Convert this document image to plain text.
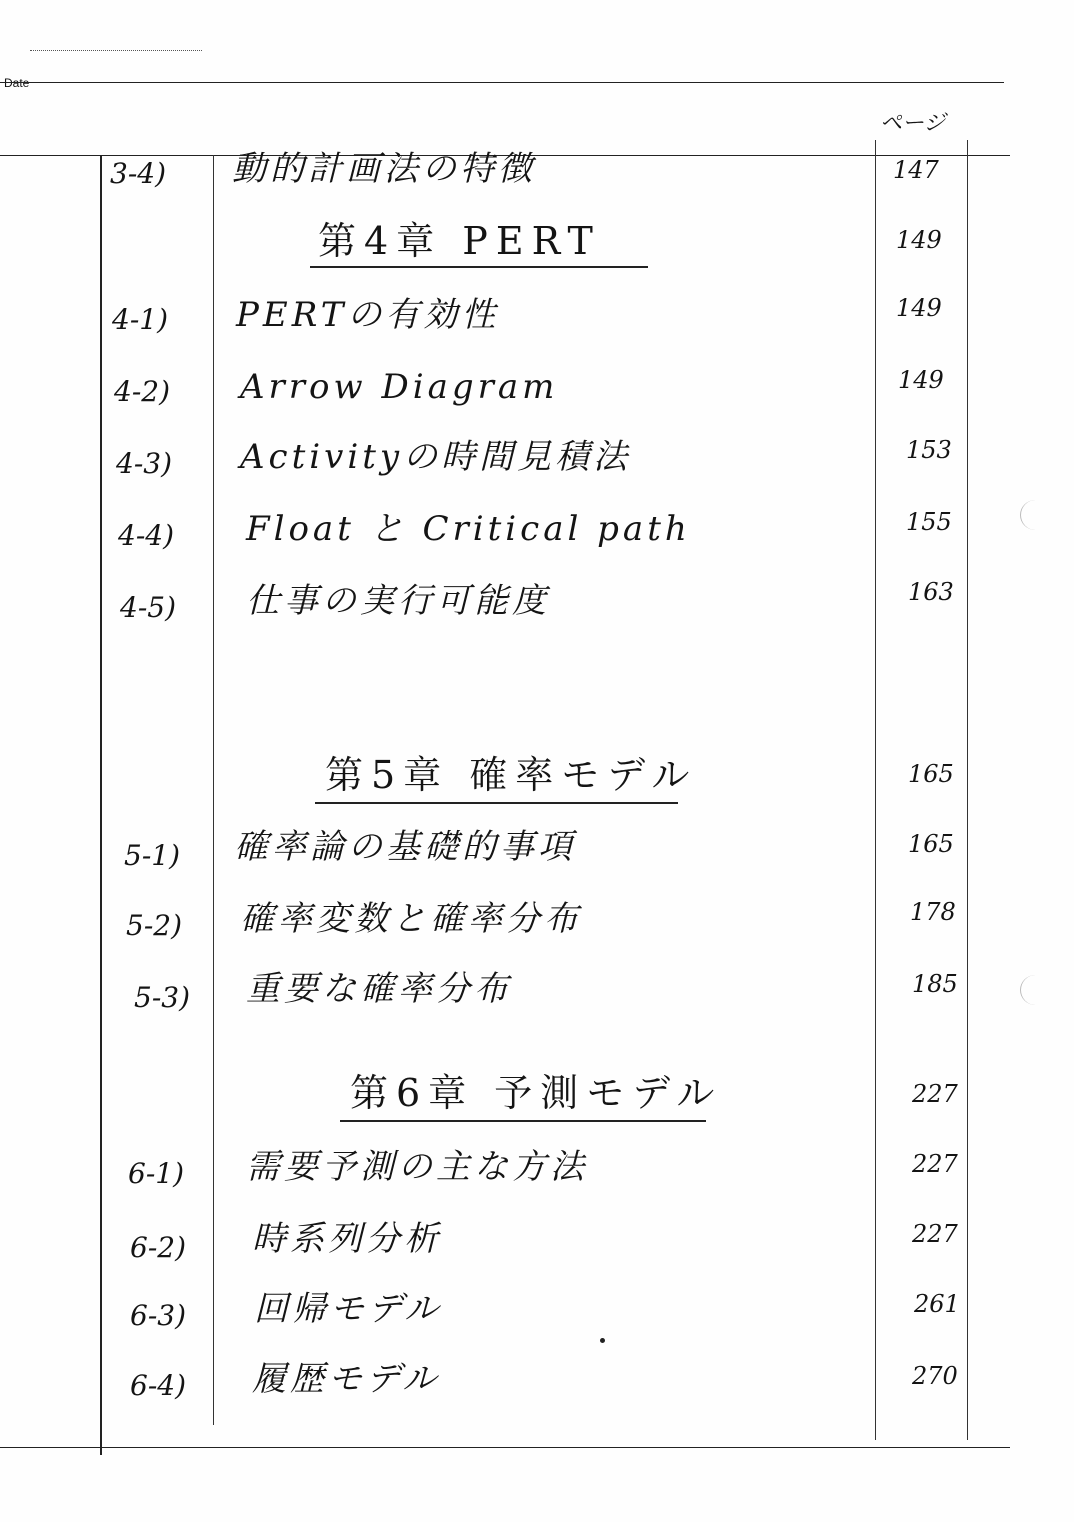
Date
ページ
3-4) 動的計画法の特徴	147
第4章 PERT	149
4-1) PERTの有効性	149
4-2) Arrow Diagram	149
4-3) Activityの時間見積法	153
4-4) Float と Critical path	155
4-5) 仕事の実行可能度	163
第5章 確率モデル	165
5-1) 確率論の基礎的事項	165
5-2) 確率変数と確率分布	178
5-3) 重要な確率分布	185
第6章 予測モデル	227
6-1) 需要予測の主な方法	227
6-2) 時系列分析	227
6-3) 回帰モデル	261
6-4) 履歴モデル	270
